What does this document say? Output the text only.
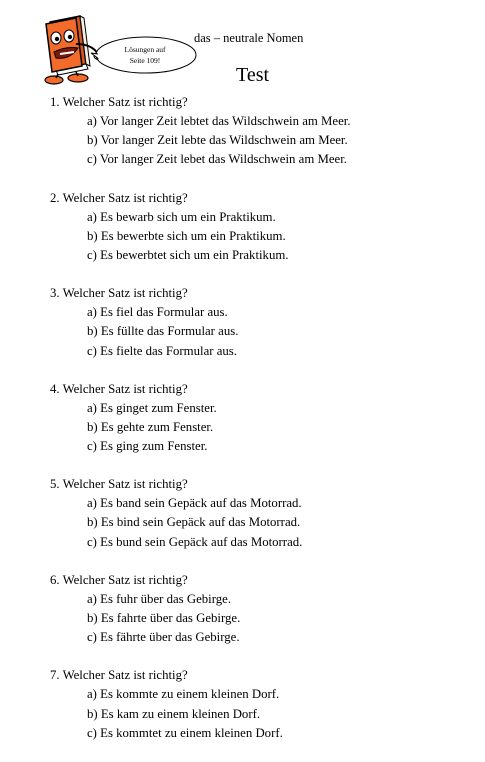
Lösungen auf
Seite 109!
das – neutrale Nomen
Test
1. Welcher Satz ist richtig?
a) Vor langer Zeit lebtet das Wildschwein am Meer.
b) Vor langer Zeit lebte das Wildschwein am Meer.
c) Vor langer Zeit lebet das Wildschwein am Meer.
2. Welcher Satz ist richtig?
a) Es bewarb sich um ein Praktikum.
b) Es bewerbte sich um ein Praktikum.
c) Es bewerbtet sich um ein Praktikum.
3. Welcher Satz ist richtig?
a) Es fiel das Formular aus.
b) Es füllte das Formular aus.
c) Es fielte das Formular aus.
4. Welcher Satz ist richtig?
a) Es ginget zum Fenster.
b) Es gehte zum Fenster.
c) Es ging zum Fenster.
5. Welcher Satz ist richtig?
a) Es band sein Gepäck auf das Motorrad.
b) Es bind sein Gepäck auf das Motorrad.
c) Es bund sein Gepäck auf das Motorrad.
6. Welcher Satz ist richtig?
a) Es fuhr über das Gebirge.
b) Es fahrte über das Gebirge.
c) Es fährte über das Gebirge.
7. Welcher Satz ist richtig?
a) Es kommte zu einem kleinen Dorf.
b) Es kam zu einem kleinen Dorf.
c) Es kommtet zu einem kleinen Dorf.
